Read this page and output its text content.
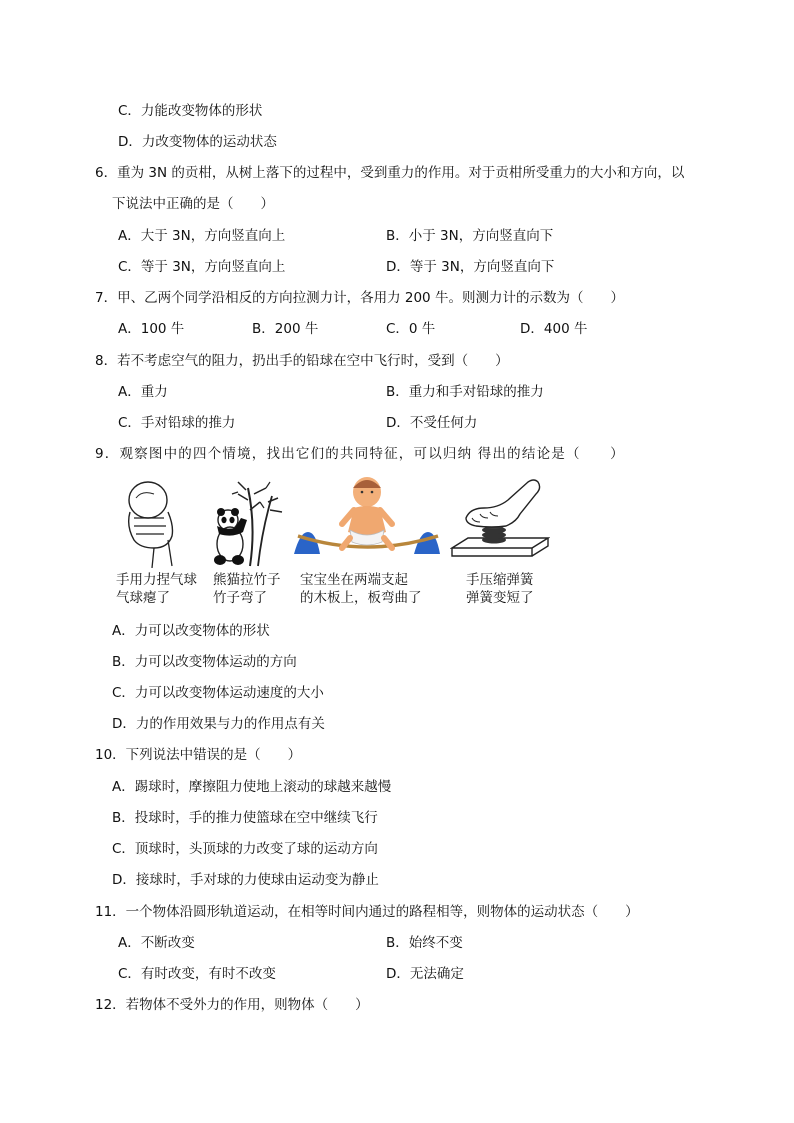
C．力能改变物体的形状
D．力改变物体的运动状态
6．重为 3N 的贡柑，从树上落下的过程中，受到重力的作用。对于贡柑所受重力的大小和方向，以
下说法中正确的是（　　）
A．大于 3N，方向竖直向上	B．小于 3N，方向竖直向下
C．等于 3N，方向竖直向上	D．等于 3N，方向竖直向下
7．甲、乙两个同学沿相反的方向拉测力计，各用力 200 牛。则测力计的示数为（　　）
A．100 牛	B．200 牛	C．0 牛	D．400 牛
8．若不考虑空气的阻力，扔出手的铅球在空中飞行时，受到（　　）
A．重力	B．重力和手对铅球的推力
C．手对铅球的推力	D．不受任何力
9．观察图中的四个情境，找出它们的共同特征，可以归纳 得出的结论是（　　）
手用力捏气球
气球瘪了
熊猫拉竹子
竹子弯了
宝宝坐在两端支起
的木板上，板弯曲了
手压缩弹簧
弹簧变短了
A．力可以改变物体的形状
B．力可以改变物体运动的方向
C．力可以改变物体运动速度的大小
D．力的作用效果与力的作用点有关
10．下列说法中错误的是（　　）
A．踢球时，摩擦阻力使地上滚动的球越来越慢
B．投球时，手的推力使篮球在空中继续飞行
C．顶球时，头顶球的力改变了球的运动方向
D．接球时，手对球的力使球由运动变为静止
11．一个物体沿圆形轨道运动，在相等时间内通过的路程相等，则物体的运动状态（　　）
A．不断改变	B．始终不变
C．有时改变，有时不改变	D．无法确定
12．若物体不受外力的作用，则物体（　　）
